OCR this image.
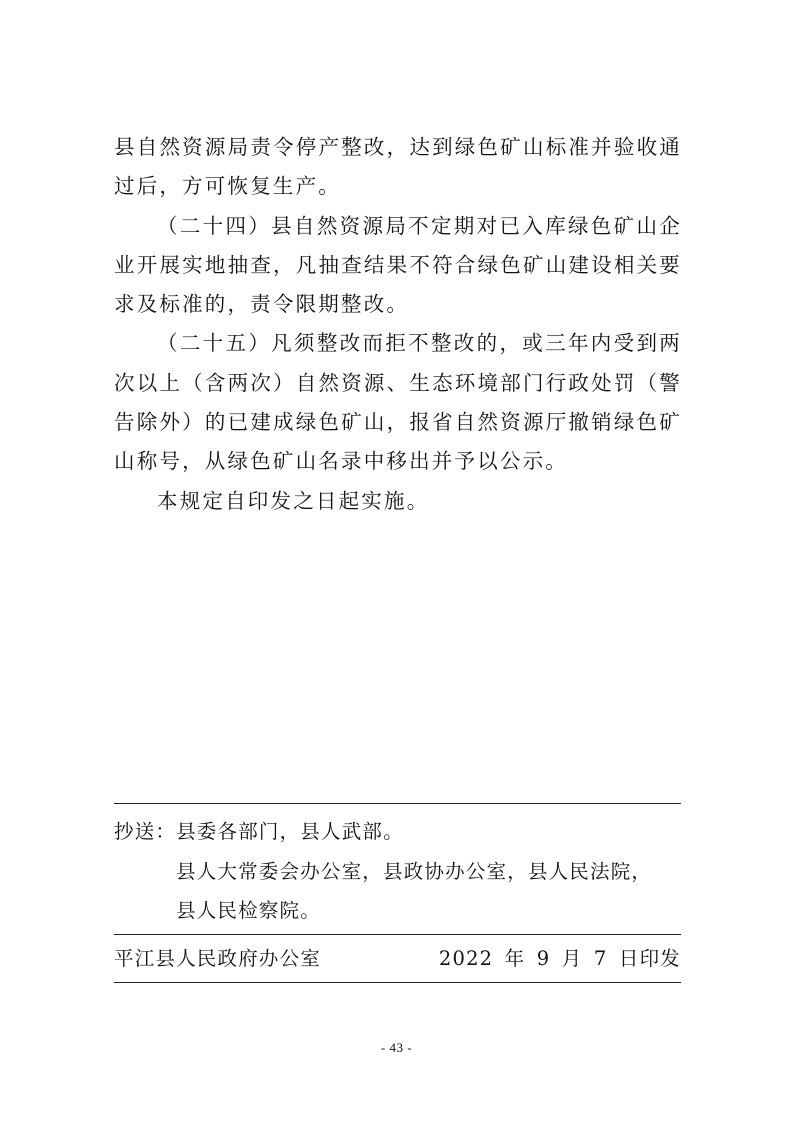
县自然资源局责令停产整改，达到绿色矿山标准并验收通过后，方可恢复生产。

（二十四）县自然资源局不定期对已入库绿色矿山企业开展实地抽查，凡抽查结果不符合绿色矿山建设相关要求及标准的，责令限期整改。

（二十五）凡须整改而拒不整改的，或三年内受到两次以上（含两次）自然资源、生态环境部门行政处罚（警告除外）的已建成绿色矿山，报省自然资源厅撤销绿色矿山称号，从绿色矿山名录中移出并予以公示。

本规定自印发之日起实施。

抄送：县委各部门，县人武部。

县人大常委会办公室，县政协办公室，县人民法院，

县人民检察院。

平江县人民政府办公室	2022 年 9 月 7 日印发
- 43 -
